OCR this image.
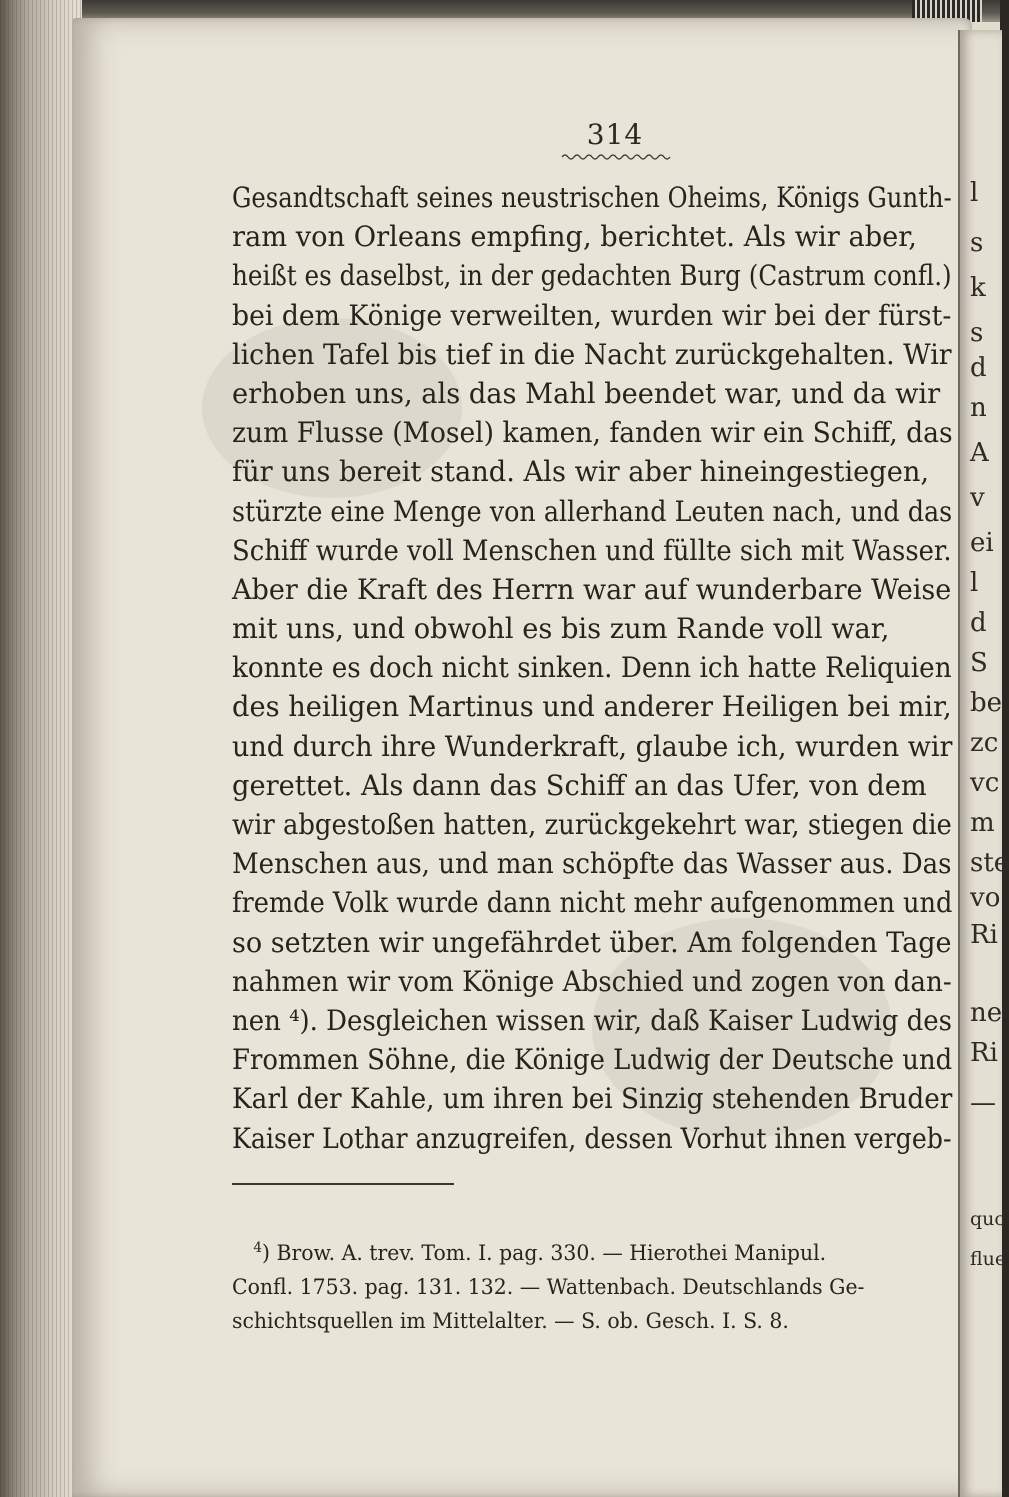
314
Gesandtschaft seines neustrischen Oheims, Königs Gunth-
ram von Orleans empfing, berichtet. Als wir aber,
heißt es daselbst, in der gedachten Burg (Castrum confl.)
bei dem Könige verweilten, wurden wir bei der fürst-
lichen Tafel bis tief in die Nacht zurückgehalten. Wir
erhoben uns, als das Mahl beendet war, und da wir
zum Flusse (Mosel) kamen, fanden wir ein Schiff, das
für uns bereit stand. Als wir aber hineingestiegen,
stürzte eine Menge von allerhand Leuten nach, und das
Schiff wurde voll Menschen und füllte sich mit Wasser.
Aber die Kraft des Herrn war auf wunderbare Weise
mit uns, und obwohl es bis zum Rande voll war,
konnte es doch nicht sinken. Denn ich hatte Reliquien
des heiligen Martinus und anderer Heiligen bei mir,
und durch ihre Wunderkraft, glaube ich, wurden wir
gerettet. Als dann das Schiff an das Ufer, von dem
wir abgestoßen hatten, zurückgekehrt war, stiegen die
Menschen aus, und man schöpfte das Wasser aus. Das
fremde Volk wurde dann nicht mehr aufgenommen und
so setzten wir ungefährdet über. Am folgenden Tage
nahmen wir vom Könige Abschied und zogen von dan-
nen ⁴). Desgleichen wissen wir, daß Kaiser Ludwig des
Frommen Söhne, die Könige Ludwig der Deutsche und
Karl der Kahle, um ihren bei Sinzig stehenden Bruder
Kaiser Lothar anzugreifen, dessen Vorhut ihnen vergeb-
$^4$) Brow. A. trev. Tom. I. pag. 330. — Hierothei Manipul.
Confl. 1753. pag. 131. 132. — Wattenbach. Deutschlands Ge-
schichtsquellen im Mittelalter. — S. ob. Gesch. I. S. 8.
l
s
k
s
d
n
A
v
ei
l
d
S
be
zc
vc
m
ste
vo
Ri
ne
Ri
—
quc
flue
